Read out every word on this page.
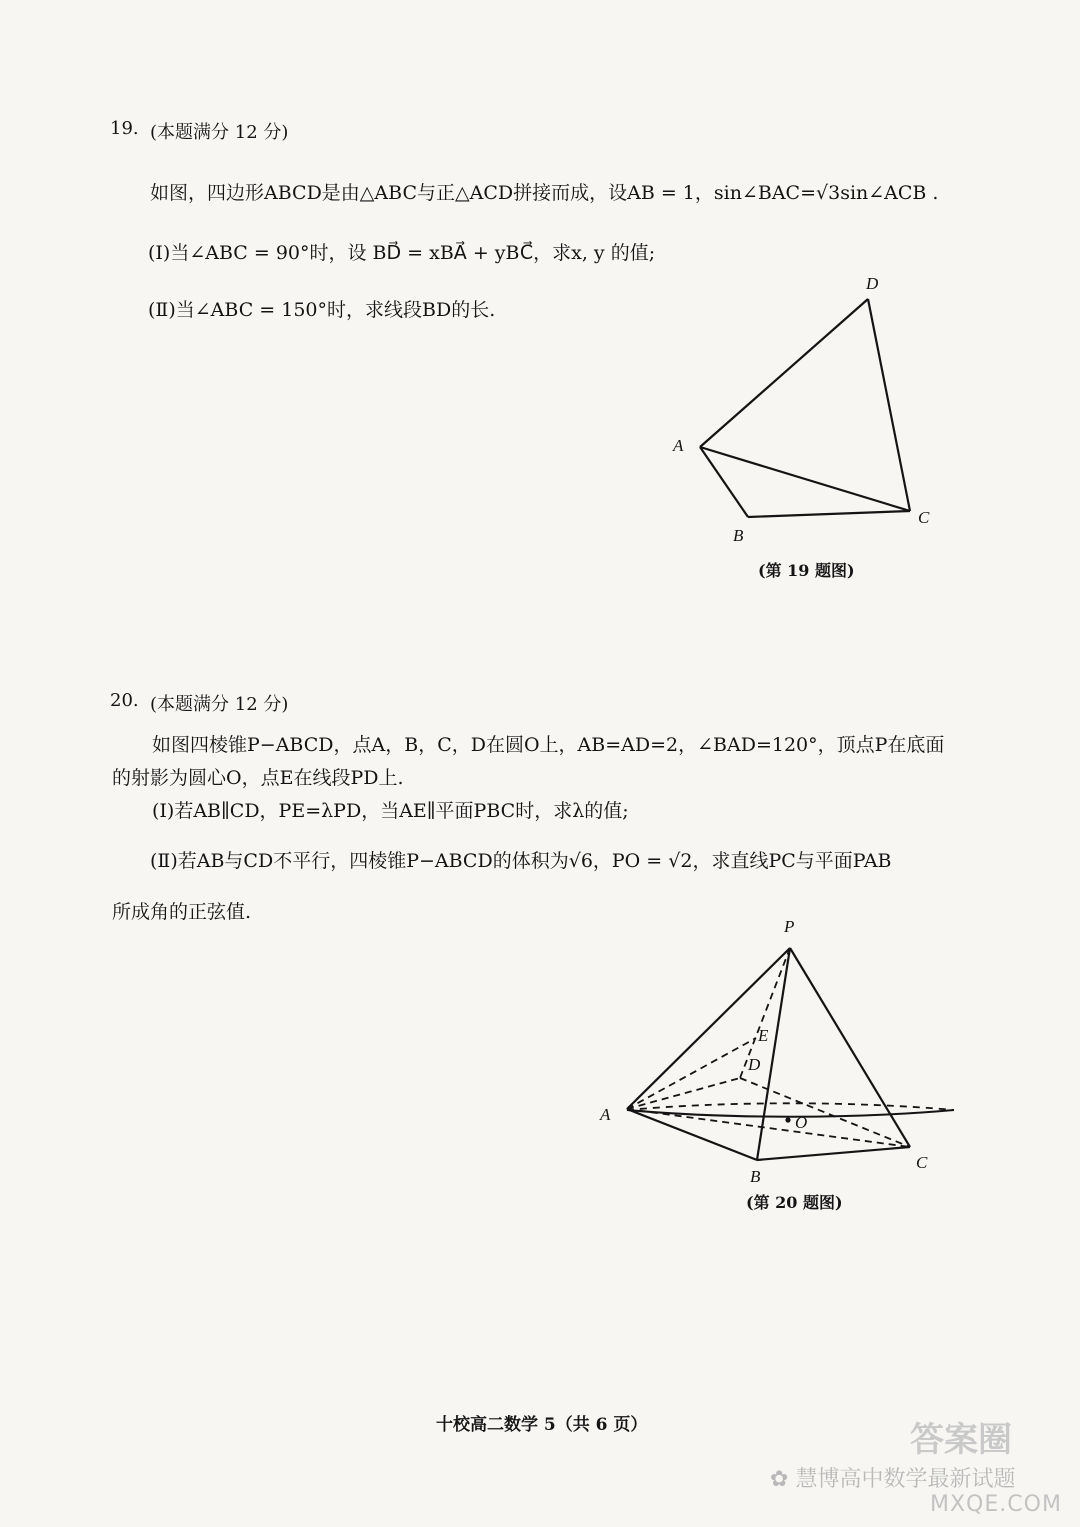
19. (本题满分 12 分)
如图，四边形ABCD是由△ABC与正△ACD拼接而成，设AB = 1，sin∠BAC=√3sin∠ACB .
(Ⅰ)当∠ABC = 90°时，设 BD⃗ = xBA⃗ + yBC⃗，求x, y 的值;
(Ⅱ)当∠ABC = 150°时，求线段BD的长.
D
A
B
C
(第 19 题图)
20. (本题满分 12 分)
如图四棱锥P−ABCD，点A，B，C，D在圆O上，AB=AD=2，∠BAD=120°，顶点P在底面
的射影为圆心O，点E在线段PD上.
(Ⅰ)若AB∥CD，PE=λPD，当AE∥平面PBC时，求λ的值;
(Ⅱ)若AB与CD不平行，四棱锥P−ABCD的体积为√6，PO = √2，求直线PC与平面PAB
所成角的正弦值.
P
E
D
A	O
B
C
(第 20 题图)
十校高二数学 5（共 6 页）
✿ 慧博高中数学最新试题
答案圈
MXQE.COM
